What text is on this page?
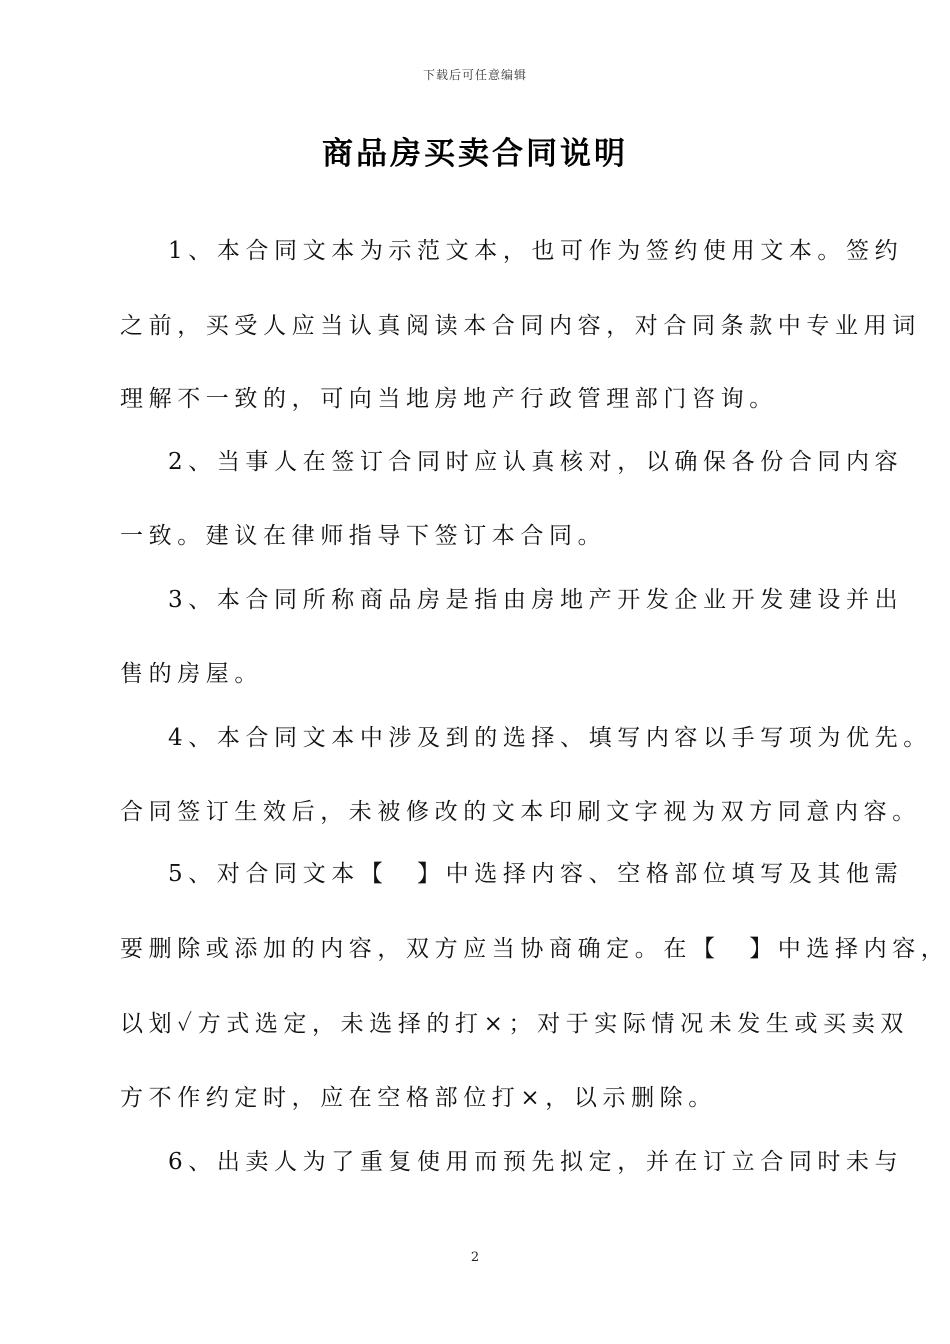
下载后可任意编辑
商品房买卖合同说明
1、本合同文本为示范文本，也可作为签约使用文本。签约
之前，买受人应当认真阅读本合同内容，对合同条款中专业用词
理解不一致的，可向当地房地产行政管理部门咨询。
2、当事人在签订合同时应认真核对，以确保各份合同内容
一致。建议在律师指导下签订本合同。
3、本合同所称商品房是指由房地产开发企业开发建设并出
售的房屋。
4、本合同文本中涉及到的选择、填写内容以手写项为优先。
合同签订生效后，未被修改的文本印刷文字视为双方同意内容。
5、对合同文本【　】中选择内容、空格部位填写及其他需
要删除或添加的内容，双方应当协商确定。在【　】中选择内容，
以划✓方式选定，未选择的打×；对于实际情况未发生或买卖双
方不作约定时，应在空格部位打×，以示删除。
6、出卖人为了重复使用而预先拟定，并在订立合同时未与
2
